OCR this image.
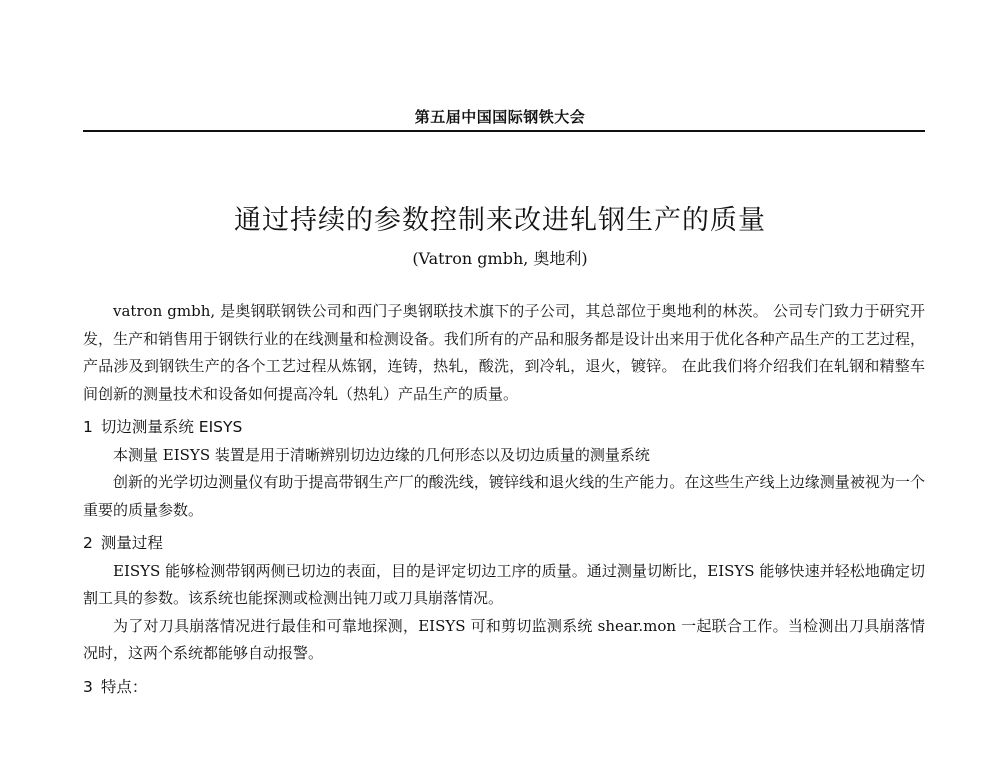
第五届中国国际钢铁大会
通过持续的参数控制来改进轧钢生产的质量
(Vatron gmbh, 奥地利)

vatron gmbh, 是奥钢联钢铁公司和西门子奥钢联技术旗下的子公司，其总部位于奥地利的林茨。 公司专门致力于研究开发，生产和销售用于钢铁行业的在线测量和检测设备。我们所有的产品和服务都是设计出来用于优化各种产品生产的工艺过程，产品涉及到钢铁生产的各个工艺过程从炼钢，连铸，热轧，酸洗，到冷轧，退火，镀锌。 在此我们将介绍我们在轧钢和精整车间创新的测量技术和设备如何提高冷轧（热轧）产品生产的质量。

1 切边测量系统 EISYS

本测量 EISYS 装置是用于清晰辨别切边边缘的几何形态以及切边质量的测量系统

创新的光学切边测量仪有助于提高带钢生产厂的酸洗线，镀锌线和退火线的生产能力。在这些生产线上边缘测量被视为一个重要的质量参数。

2 测量过程

EISYS 能够检测带钢两侧已切边的表面，目的是评定切边工序的质量。通过测量切断比，EISYS 能够快速并轻松地确定切割工具的参数。该系统也能探测或检测出钝刀或刀具崩落情况。

为了对刀具崩落情况进行最佳和可靠地探测，EISYS 可和剪切监测系统 shear.mon 一起联合工作。当检测出刀具崩落情况时，这两个系统都能够自动报警。

3 特点：
